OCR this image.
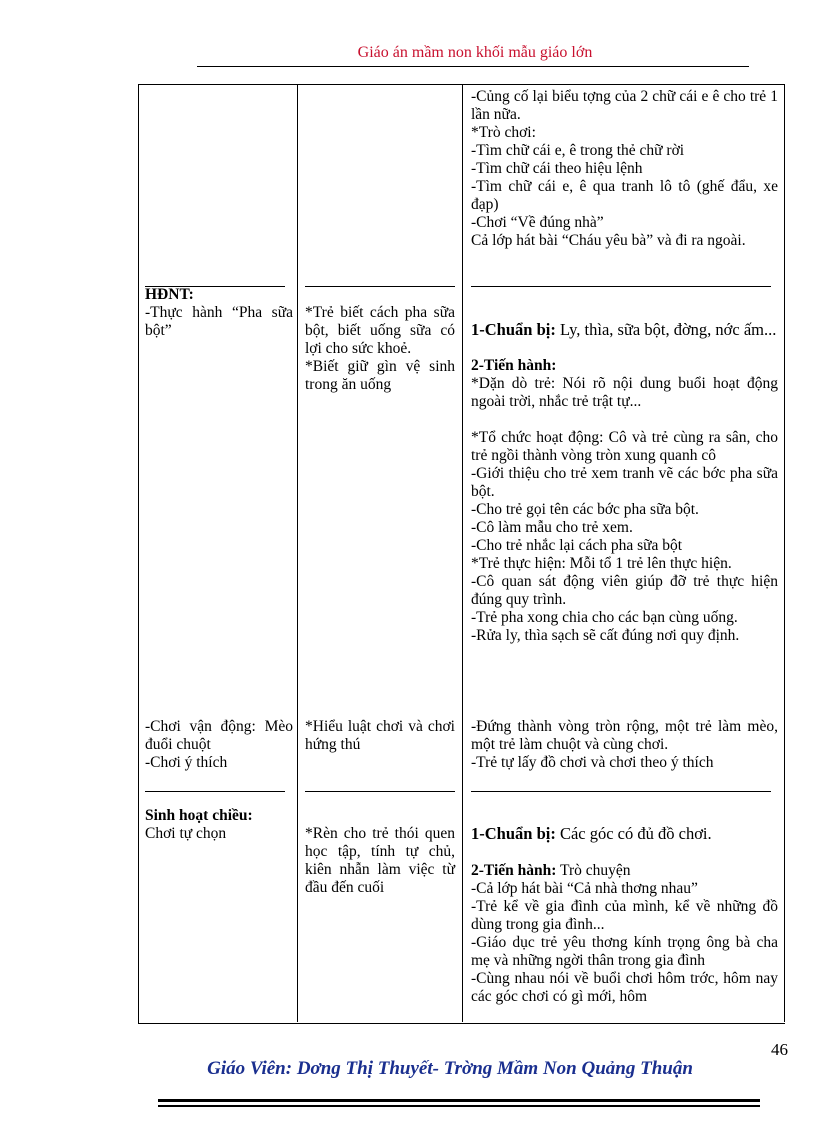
Giáo án mầm non khối mẫu giáo lớn

-Củng cố lại biểu tợng của 2 chữ cái e ê cho trẻ 1 lần nữa.

*Trò chơi:

-Tìm chữ cái e, ê trong thẻ chữ rời

-Tìm chữ cái theo hiệu lệnh

-Tìm chữ cái e, ê qua tranh lô tô (ghế đẩu, xe đạp)

-Chơi “Về đúng nhà”

Cả lớp hát bài “Cháu yêu bà” và đi ra ngoài.

HĐNT:
-Thực hành “Pha sữa bột”

*Trẻ biết cách pha sữa bột, biết uống sữa có lợi cho sức khoẻ.

*Biết giữ gìn vệ sinh trong ăn uống

1-Chuẩn bị: Ly, thìa, sữa bột, đờng, nớc ấm...

2-Tiến hành:

*Dặn dò trẻ: Nói rõ nội dung buổi hoạt động ngoài trời, nhắc trẻ trật tự...

*Tổ chức hoạt động: Cô và trẻ cùng ra sân, cho trẻ ngồi thành vòng tròn xung quanh cô

-Giới thiệu cho trẻ xem tranh vẽ các bớc pha sữa bột.

-Cho trẻ gọi tên các bớc pha sữa bột.

-Cô làm mẫu cho trẻ xem.

-Cho trẻ nhắc lại cách pha sữa bột

*Trẻ thực hiện: Mỗi tổ 1 trẻ lên thực hiện.

-Cô quan sát động viên giúp đỡ trẻ thực hiện đúng quy trình.

-Trẻ pha xong chia cho các bạn cùng uống.

-Rửa ly, thìa sạch sẽ cất đúng nơi quy định.

-Chơi vận động: Mèo đuổi chuột

-Chơi ý thích

*Hiểu luật chơi và chơi hứng thú

-Đứng thành vòng tròn rộng, một trẻ làm mèo, một trẻ làm chuột và cùng chơi.

-Trẻ tự lấy đồ chơi và chơi theo ý thích

Sinh hoạt chiều:

Chơi tự chọn	*Rèn cho trẻ thói quen học tập, tính tự chủ, kiên nhẫn làm việc từ đầu đến cuối
1-Chuẩn bị: Các góc có đủ đồ chơi.

2-Tiến hành: Trò chuyện

-Cả lớp hát bài “Cả nhà thơng nhau”

-Trẻ kể về gia đình của mình, kể về những đồ dùng trong gia đình...

-Giáo dục trẻ yêu thơng kính trọng ông bà cha mẹ và những ngời thân trong gia đình

-Cùng nhau nói về buổi chơi hôm trớc, hôm nay các góc chơi có gì mới, hôm

46
Giáo Viên: Dơng Thị Thuyết- Trờng Mầm Non Quảng Thuận
